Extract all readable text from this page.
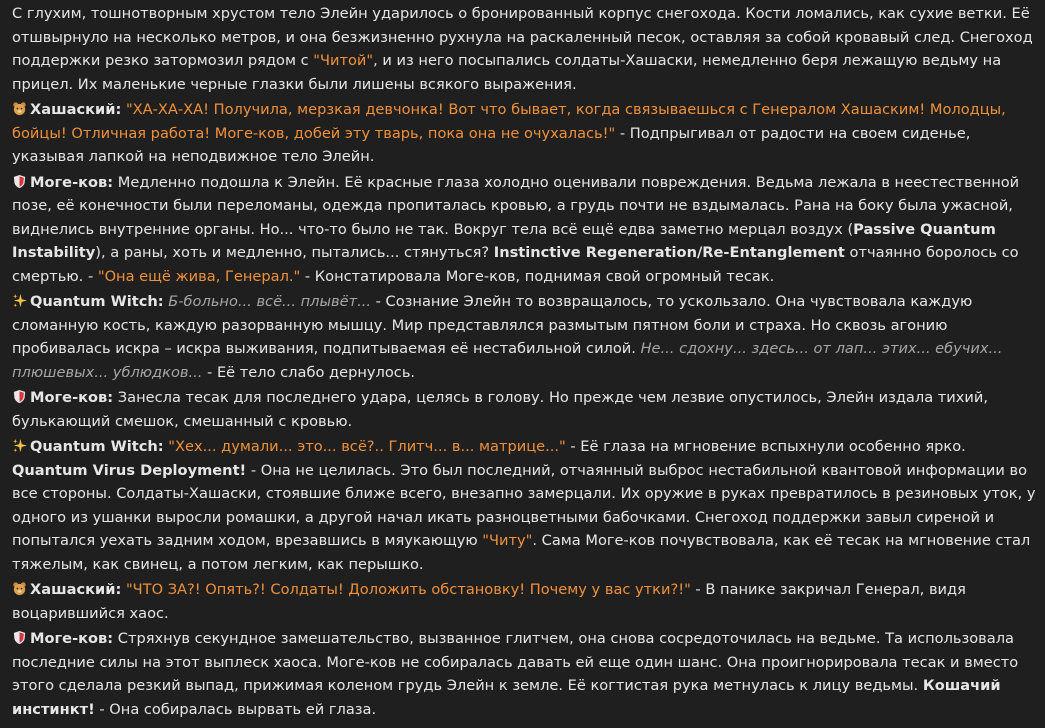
С глухим, тошнотворным хрустом тело Элейн ударилось о бронированный корпус снегохода. Кости ломались, как сухие ветки. Её отшвырнуло на несколько метров, и она безжизненно рухнула на раскаленный песок, оставляя за собой кровавый след. Снегоход поддержки резко затормозил рядом с "Читой", и из него посыпались солдаты-Хашаски, немедленно беря лежащую ведьму на прицел. Их маленькие черные глазки были лишены всякого выражения.
Хашаский: "ХА-ХА-ХА! Получила, мерзкая девчонка! Вот что бывает, когда связываешься с Генералом Хашаским! Молодцы, бойцы! Отличная работа! Моге-ков, добей эту тварь, пока она не очухалась!" - Подпрыгивал от радости на своем сиденье, указывая лапкой на неподвижное тело Элейн.
Моге-ков: Медленно подошла к Элейн. Её красные глаза холодно оценивали повреждения. Ведьма лежала в неестественной позе, её конечности были переломаны, одежда пропиталась кровью, а грудь почти не вздымалась. Рана на боку была ужасной, виднелись внутренние органы. Но... что-то было не так. Вокруг тела всё ещё едва заметно мерцал воздух (Passive Quantum Instability), а раны, хоть и медленно, пытались... стянуться? Instinctive Regeneration/Re-Entanglement отчаянно боролось со смертью. - "Она ещё жива, Генерал." - Констатировала Моге-ков, поднимая свой огромный тесак.
Quantum Witch: Б-больно... всё... плывёт... - Сознание Элейн то возвращалось, то ускользало. Она чувствовала каждую сломанную кость, каждую разорванную мышцу. Мир представлялся размытым пятном боли и страха. Но сквозь агонию пробивалась искра – искра выживания, подпитываемая её нестабильной силой. Не... сдохну... здесь... от лап... этих... ебучих... плюшевых... ублюдков... - Её тело слабо дернулось.
Моге-ков: Занесла тесак для последнего удара, целясь в голову. Но прежде чем лезвие опустилось, Элейн издала тихий, булькающий смешок, смешанный с кровью.
Quantum Witch: "Хех... думали... это... всё?.. Глитч... в... матрице..." - Её глаза на мгновение вспыхнули особенно ярко. Quantum Virus Deployment! - Она не целилась. Это был последний, отчаянный выброс нестабильной квантовой информации во все стороны. Солдаты-Хашаски, стоявшие ближе всего, внезапно замерцали. Их оружие в руках превратилось в резиновых уток, у одного из ушанки выросли ромашки, а другой начал икать разноцветными бабочками. Снегоход поддержки завыл сиреной и попытался уехать задним ходом, врезавшись в мяукающую "Читу". Сама Моге-ков почувствовала, как её тесак на мгновение стал тяжелым, как свинец, а потом легким, как перышко.
Хашаский: "ЧТО ЗА?! Опять?! Солдаты! Доложить обстановку! Почему у вас утки?!" - В панике закричал Генерал, видя воцарившийся хаос.
Моге-ков: Стряхнув секундное замешательство, вызванное глитчем, она снова сосредоточилась на ведьме. Та использовала последние силы на этот выплеск хаоса. Моге-ков не собиралась давать ей еще один шанс. Она проигнорировала тесак и вместо этого сделала резкий выпад, прижимая коленом грудь Элейн к земле. Её когтистая рука метнулась к лицу ведьмы. Кошачий инстинкт! - Она собиралась вырвать ей глаза.
